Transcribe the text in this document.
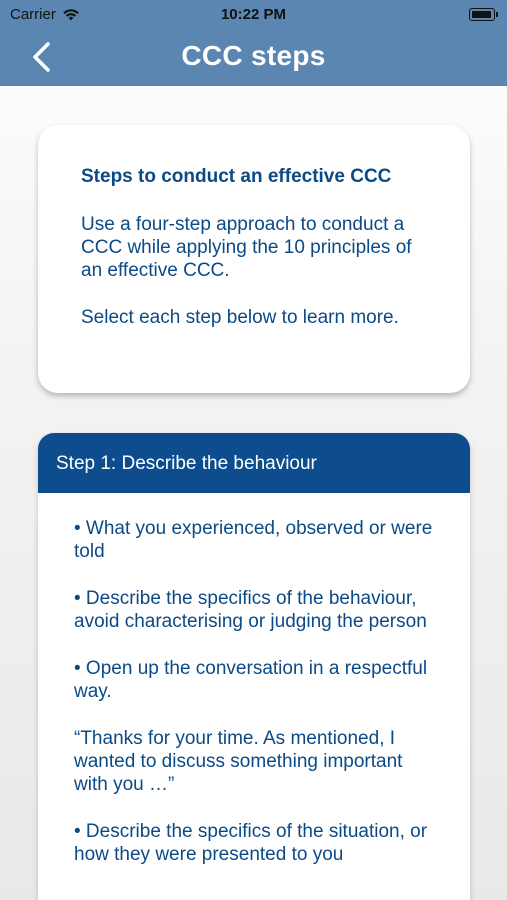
Carrier	10:22 PM
CCC steps
Steps to conduct an effective CCC
Use a four-step approach to conduct a CCC while applying the 10 principles of an effective CCC.
Select each step below to learn more.
Step 1: Describe the behaviour

• What you experienced, observed or were told

• Describe the specifics of the behaviour, avoid characterising or judging the person

• Open up the conversation in a respectful way.

“Thanks for your time. As mentioned, I wanted to discuss something important with you …”

• Describe the specifics of the situation, or how they were presented to you
